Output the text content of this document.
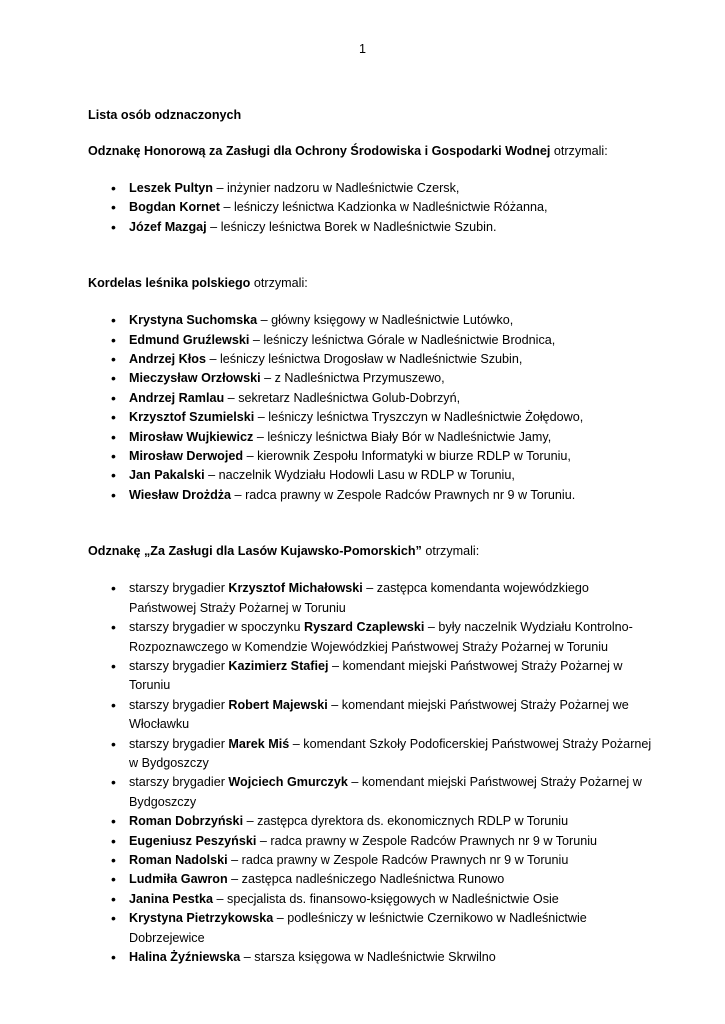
1

Lista osób odznaczonych

Odznakę Honorową za Zasługi dla Ochrony Środowiska i Gospodarki Wodnej otrzymali:

• Leszek Pultyn – inżynier nadzoru w Nadleśnictwie Czersk,
• Bogdan Kornet – leśniczy leśnictwa Kadzionka w Nadleśnictwie Różanna,
• Józef Mazgaj – leśniczy leśnictwa Borek w Nadleśnictwie Szubin.

Kordelas leśnika polskiego otrzymali:

• Krystyna Suchomska – główny księgowy w Nadleśnictwie Lutówko,
• Edmund Gruźlewski – leśniczy leśnictwa Górale w Nadleśnictwie Brodnica,
• Andrzej Kłos – leśniczy leśnictwa Drogosław w Nadleśnictwie Szubin,
• Mieczysław Orzłowski – z Nadleśnictwa Przymuszewo,
• Andrzej Ramlau – sekretarz Nadleśnictwa Golub-Dobrzyń,
• Krzysztof Szumielski – leśniczy leśnictwa Tryszczyn w Nadleśnictwie Żołędowo,
• Mirosław Wujkiewicz – leśniczy leśnictwa Biały Bór w Nadleśnictwie Jamy,
• Mirosław Derwojed – kierownik Zespołu Informatyki w biurze RDLP w Toruniu,
• Jan Pakalski – naczelnik Wydziału Hodowli Lasu w RDLP w Toruniu,
• Wiesław Drożdża – radca prawny w Zespole Radców Prawnych nr 9 w Toruniu.

Odznakę „Za Zasługi dla Lasów Kujawsko-Pomorskich” otrzymali:

• starszy brygadier Krzysztof Michałowski – zastępca komendanta wojewódzkiego Państwowej Straży Pożarnej w Toruniu
• starszy brygadier w spoczynku Ryszard Czaplewski – były naczelnik Wydziału Kontrolno-Rozpoznawczego w Komendzie Wojewódzkiej Państwowej Straży Pożarnej w Toruniu
• starszy brygadier Kazimierz Stafiej – komendant miejski Państwowej Straży Pożarnej w Toruniu
• starszy brygadier Robert Majewski – komendant miejski Państwowej Straży Pożarnej we Włocławku
• starszy brygadier Marek Miś – komendant Szkoły Podoficerskiej Państwowej Straży Pożarnej w Bydgoszczy
• starszy brygadier Wojciech Gmurczyk – komendant miejski Państwowej Straży Pożarnej w Bydgoszczy
• Roman Dobrzyński – zastępca dyrektora ds. ekonomicznych RDLP w Toruniu
• Eugeniusz Peszyński – radca prawny w Zespole Radców Prawnych nr 9 w Toruniu
• Roman Nadolski – radca prawny w Zespole Radców Prawnych nr 9 w Toruniu
• Ludmiła Gawron – zastępca nadleśniczego Nadleśnictwa Runowo
• Janina Pestka – specjalista ds. finansowo-księgowych w Nadleśnictwie Osie
• Krystyna Pietrzykowska – podleśniczy w leśnictwie Czernikowo w Nadleśnictwie Dobrzejewice
• Halina Żyźniewska – starsza księgowa w Nadleśnictwie Skrwilno
